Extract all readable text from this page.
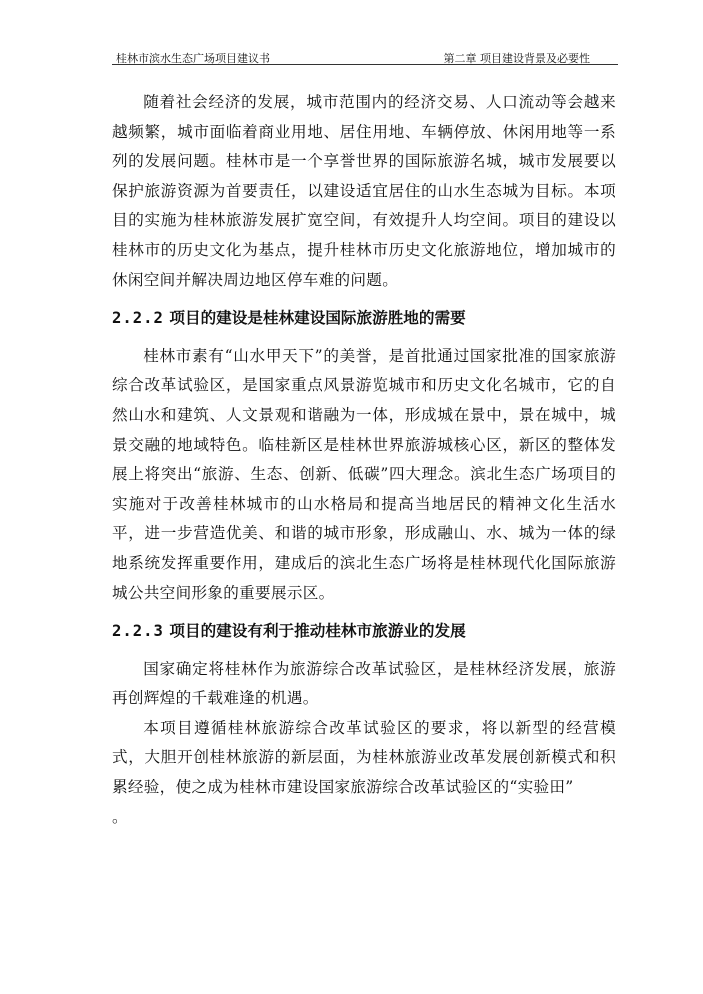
桂林市滨水生态广场项目建议书	第二章 项目建设背景及必要性

随着社会经济的发展，城市范围内的经济交易、人口流动等会越来越频繁，城市面临着商业用地、居住用地、车辆停放、休闲用地等一系列的发展问题。桂林市是一个享誉世界的国际旅游名城，城市发展要以保护旅游资源为首要责任，以建设适宜居住的山水生态城为目标。本项目的实施为桂林旅游发展扩宽空间，有效提升人均空间。项目的建设以桂林市的历史文化为基点，提升桂林市历史文化旅游地位，增加城市的休闲空间并解决周边地区停车难的问题。

2.2.2 项目的建设是桂林建设国际旅游胜地的需要

桂林市素有“山水甲天下”的美誉，是首批通过国家批准的国家旅游综合改革试验区，是国家重点风景游览城市和历史文化名城市，它的自然山水和建筑、人文景观和谐融为一体，形成城在景中，景在城中，城景交融的地域特色。临桂新区是桂林世界旅游城核心区，新区的整体发展上将突出“旅游、生态、创新、低碳”四大理念。滨北生态广场项目的实施对于改善桂林城市的山水格局和提高当地居民的精神文化生活水平，进一步营造优美、和谐的城市形象，形成融山、水、城为一体的绿地系统发挥重要作用，建成后的滨北生态广场将是桂林现代化国际旅游城公共空间形象的重要展示区。

2.2.3 项目的建设有利于推动桂林市旅游业的发展

国家确定将桂林作为旅游综合改革试验区，是桂林经济发展，旅游再创辉煌的千载难逢的机遇。

本项目遵循桂林旅游综合改革试验区的要求，将以新型的经营模式，大胆开创桂林旅游的新层面，为桂林旅游业改革发展创新模式和积累经验，使之成为桂林市建设国家旅游综合改革试验区的“实验田”

。
